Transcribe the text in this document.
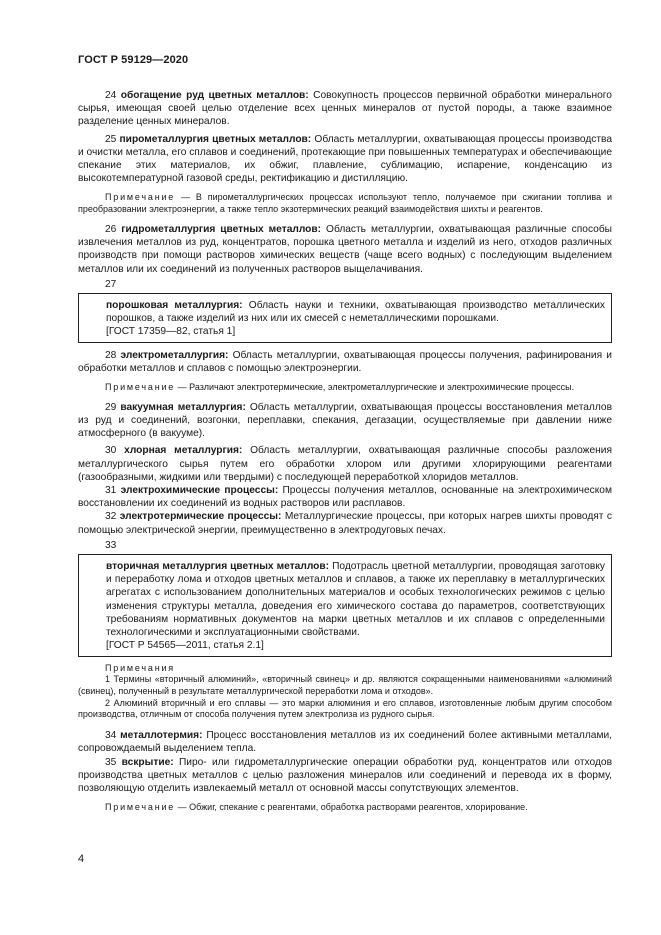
ГОСТ Р 59129—2020

24 обогащение руд цветных металлов: Совокупность процессов первичной обработки минерального сырья, имеющая своей целью отделение всех ценных минералов от пустой породы, а также взаимное разделение ценных минералов.

25 пирометаллургия цветных металлов: Область металлургии, охватывающая процессы производства и очистки металла, его сплавов и соединений, протекающие при повышенных температурах и обеспечивающие спекание этих материалов, их обжиг, плавление, сублимацию, испарение, конденсацию из высокотемпературной газовой среды, ректификацию и дистилляцию.

Примечание — В пирометаллургических процессах используют тепло, получаемое при сжигании топлива и преобразовании электроэнергии, а также тепло экзотермических реакций взаимодействия шихты и реагентов.

26 гидрометаллургия цветных металлов: Область металлургии, охватывающая различные способы извлечения металлов из руд, концентратов, порошка цветного металла и изделий из него, отходов различных производств при помощи растворов химических веществ (чаще всего водных) с последующим выделением металлов или их соединений из полученных растворов выщелачивания.

27

порошковая металлургия: Область науки и техники, охватывающая производство металлических порошков, а также изделий из них или их смесей с неметаллическими порошками.

[ГОСТ 17359—82, статья 1]

28 электрометаллургия: Область металлургии, охватывающая процессы получения, рафинирования и обработки металлов и сплавов с помощью электроэнергии.

Примечание — Различают электротермические, электрометаллургические и электрохимические процессы.

29 вакуумная металлургия: Область металлургии, охватывающая процессы восстановления металлов из руд и соединений, возгонки, переплавки, спекания, дегазации, осуществляемые при давлении ниже атмосферного (в вакууме).

30 хлорная металлургия: Область металлургии, охватывающая различные способы разложения металлургического сырья путем его обработки хлором или другими хлорирующими реагентами (газообразными, жидкими или твердыми) с последующей переработкой хлоридов металлов.

31 электрохимические процессы: Процессы получения металлов, основанные на электрохимическом восстановлении их соединений из водных растворов или расплавов.

32 электротермические процессы: Металлургические процессы, при которых нагрев шихты проводят с помощью электрической энергии, преимущественно в электродуговых печах.

33

вторичная металлургия цветных металлов: Подотрасль цветной металлургии, проводящая заготовку и переработку лома и отходов цветных металлов и сплавов, а также их переплавку в металлургических агрегатах с использованием дополнительных материалов и особых технологических режимов с целью изменения структуры металла, доведения его химического состава до параметров, соответствующих требованиям нормативных документов на марки цветных металлов и их сплавов с определенными технологическими и эксплуатационными свойствами.

[ГОСТ Р 54565—2011, статья 2.1]
Примечания
1 Термины «вторичный алюминий», «вторичный свинец» и др. являются сокращенными наименованиями «алюминий (свинец), полученный в результате металлургической переработки лома и отходов».
2 Алюминий вторичный и его сплавы — это марки алюминия и его сплавов, изготовленные любым другим способом производства, отличным от способа получения путем электролиза из рудного сырья.

34 металлотермия: Процесс восстановления металлов из их соединений более активными металлами, сопровождаемый выделением тепла.

35 вскрытие: Пиро- или гидрометаллургические операции обработки руд, концентратов или отходов производства цветных металлов с целью разложения минералов или соединений и перевода их в форму, позволяющую отделить извлекаемый металл от основной массы сопутствующих элементов.

Примечание — Обжиг, спекание с реагентами, обработка растворами реагентов, хлорирование.
4
